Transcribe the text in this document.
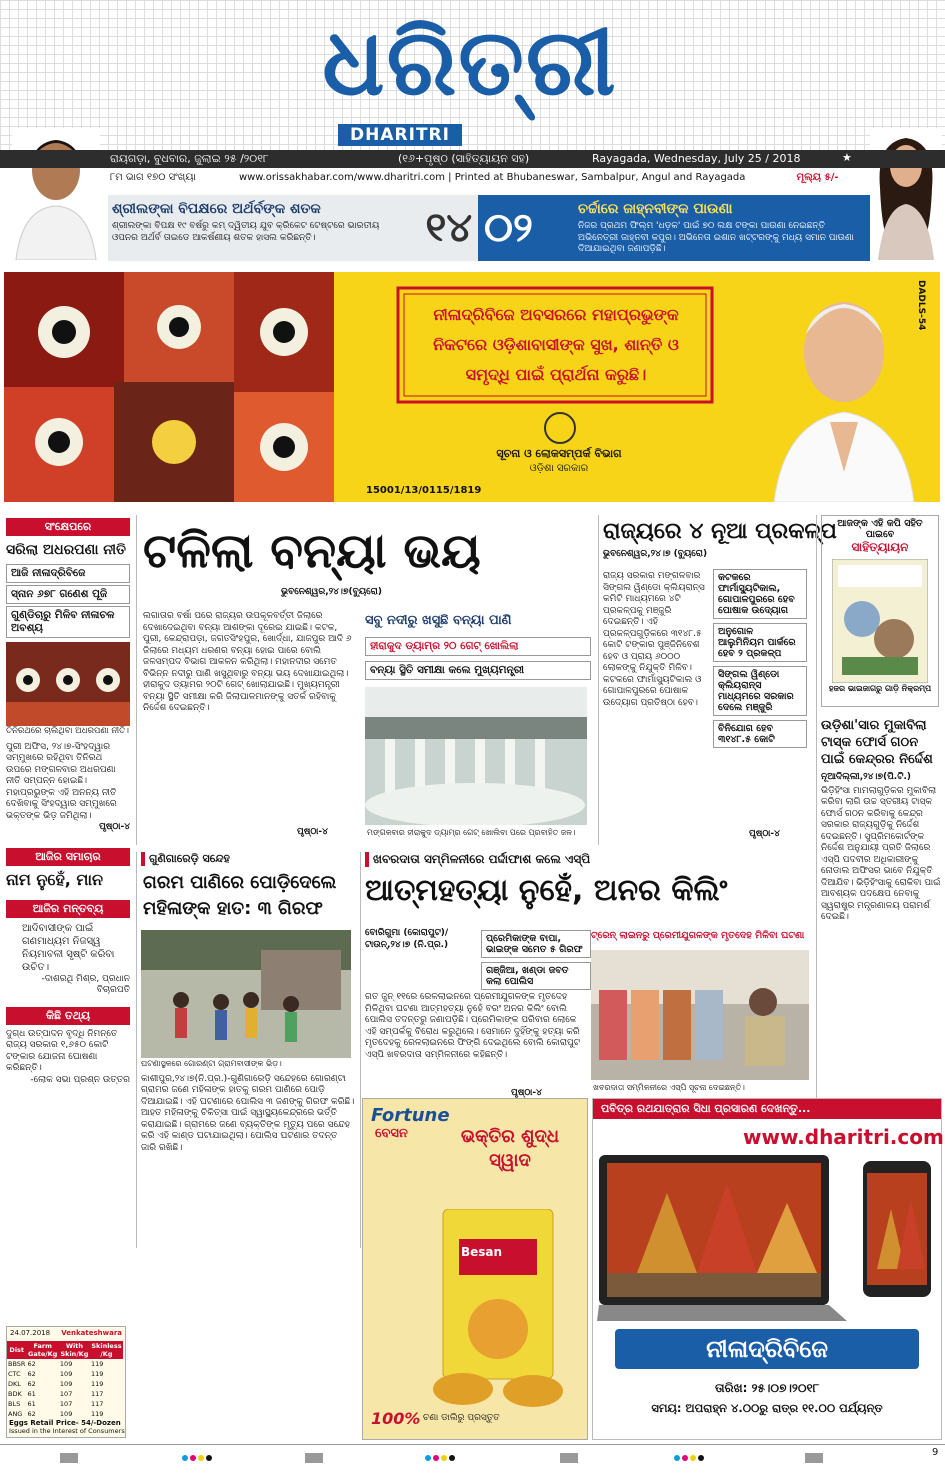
ଧରିତ୍ରୀ
DHARITRI
ରାୟଗଡ଼ା, ବୁଧବାର, ଜୁଲାଇ ୨୫ /୨୦୧୮	(୧୬+ପୃଷ୍ଠ (ସାହିତ୍ୟାୟନ ସହ)	Rayagada, Wednesday, July 25 / 2018	★
୮ମ ଭାଗ ୧୭୦ ସଂଖ୍ୟା	www.orissakhabar.com/www.dharitri.com | Printed at Bhubaneswar, Sambalpur, Angul and Rayagada	ମୂଲ୍ୟ ୫/-
ଶ୍ରୀଲଙ୍କା ବିପକ୍ଷରେ ଅର୍ଥର୍ବଙ୍କ ଶତକ
ଶ୍ରୀଲଙ୍କା ବିପକ୍ଷ ୧୯ ବର୍ଷରୁ କମ୍ ଦ୍ୱିତୀୟ ଯୁବ କ୍ରିକେଟ ଟେଷ୍ଟରେ ଭାରତୀୟ ଓପନର ଅର୍ଥର୍ବ ତାଇଡେ ଆକର୍ଷଣୀୟ ଶତକ ହାସଲ କରିଛନ୍ତି।	୧୪ ୦୨	ଚର୍ଚ୍ଚାରେ ଜାହ୍ନବୀଙ୍କ ପାଉଣା
ନିଜର ପ୍ରଥମ ଫିଲ୍ମ 'ଧଡ଼କ' ପାଇଁ ୭୦ ଲକ୍ଷ ଟଙ୍କା ପାଉଣା ନେଇଛନ୍ତି ଅଭିନେତ୍ରୀ ଜାହ୍ନବୀ କପୁର। ଅଭିନେତା ଇଶାନ ଖଟ୍ଟରଙ୍କୁ ମଧ୍ୟ ସମାନ ପାଉଣା ଦିଆଯାଇଥିବା ଜଣାପଡ଼ିଛି।
ନୀଳାଦ୍ରିବିଜେ ଅବସରରେ ମହାପ୍ରଭୁଙ୍କ ନିକଟରେ ଓଡ଼ିଶାବାସୀଙ୍କ ସୁଖ, ଶାନ୍ତି ଓ ସମୃଦ୍ଧି ପାଇଁ ପ୍ରାର୍ଥନା କରୁଛି।
ସୂଚନା ଓ ଲୋକସମ୍ପର୍କ ବିଭାଗ
ଓଡ଼ିଶା ସରକାର
15001/13/0115/1819
DADLS-54
ସଂକ୍ଷେପରେ
ସରିଲା ଅଧରପଣା ନୀତି
ଆଜି ନୀଳାଦ୍ରିବିଜେ
ସ୍ନାନ ୬୭୮ ଗଣେଶ ପୂଜି
ଗୁଣ୍ଡିଚାରୁ ମିଳିବ ନୀଳାଚଳ ଅବଶ୍ୟ
ତିନିରଥରେ ଚାଲିଥିବା ଅଧରପଣା ନୀତି।
ପୁରୀ ଅଫିସ, ୨୪।୭-ସିଂହଦ୍ୱାର ସମ୍ମୁଖରେ ରହିଥିବା ତିନିରଥ ଉପରେ ମଙ୍ଗଳବାର ଅଧରପଣା ନୀତି ସମ୍ପନ୍ନ ହୋଇଛି। ମହାପ୍ରଭୁଙ୍କ ଏହି ଅନନ୍ୟ ନୀତି ଦେଖିବାକୁ ସିଂହଦ୍ୱାର ସମ୍ମୁଖରେ ଭକ୍ତଙ୍କ ଭିଡ଼ ଜମିଥିଲା।
ପୃଷ୍ଠା-୪
ଆଜିର ସମାଚାର
ନାମ ନୁହେଁ, ମାନ
ଆଜିର ମନ୍ତବ୍ୟ
ଆଦିବାସୀଙ୍କ ପାଇଁ ଗଣମାଧ୍ୟମ ନିଜସ୍ୱ ନିୟମାବଳୀ ସୃଷ୍ଟି କରିବା ଉଚିତ।
-ଦାଶରଥି ମିଶ୍ର, ପ୍ରଧାନ ବିଚାରପତି
କିଛି ତଥ୍ୟ
ଦୁଗ୍ଧ ଉତ୍ପାଦନ ବୃଦ୍ଧି ନିମନ୍ତେ ରାଜ୍ୟ ସରକାର ୧,୬୫୦ କୋଟି ଟଙ୍କାର ଯୋଜନା ଘୋଷଣା କରିଛନ୍ତି।
-ଲୋକ ସଭା ପ୍ରଶ୍ନ ଉତ୍ତର
24.07.2018 Venkateshwara
Dist	Farm Gate/Kg	With Skin/Kg	Skinless /Kg
BBSR	62	109	119
CTC	62	109	119
DKL	62	109	119
BDK	61	107	117
BLS	61	107	117
ANG	62	109	119
Eggs Retail Price- 54/-Dozen
Issued in the Interest of Consumers
ଟଳିଲା ବନ୍ୟା ଭୟ
ଭୁବନେଶ୍ୱର,୨୪।୭(ବ୍ୟୁରୋ)
ଲଗାତାର ବର୍ଷା ପରେ ରାଜ୍ୟର ଉପକୂଳବର୍ତ୍ତୀ ଜିଲାରେ ଦେଖାଦେଇଥିବା ବନ୍ୟା ଆଶଙ୍କା ଦୂରେଇ ଯାଇଛି। କଟକ, ପୁରୀ, କେନ୍ଦ୍ରାପଡ଼ା, ଜଗତସିଂହପୁର, ଖୋର୍ଦ୍ଧା, ଯାଜପୁର ଆଦି ୬ ଜିଲାରେ ମଧ୍ୟମ ଧରଣର ବନ୍ୟା ହୋଇ ପାରେ ବୋଲି ଜଳସମ୍ପଦ ବିଭାଗ ଆକଳନ କରିଥିଲା। ମହାନଦୀର ସମେତ ବିଭିନ୍ନ ନଦୀରୁ ପାଣି ଖସୁଥିବାରୁ ବନ୍ୟା ଭୟ ଦେଖାଯାଇଥିଲା। ହୀରାକୁଦ ଡ୍ୟାମର ୨୦ଟି ଗେଟ୍ ଖୋଲାଯାଇଛି। ମୁଖ୍ୟମନ୍ତ୍ରୀ ବନ୍ୟା ସ୍ଥିତି ସମୀକ୍ଷା କରି ଜିଲାପାଳମାନଙ୍କୁ ସତର୍କ ରହିବାକୁ ନିର୍ଦ୍ଦେଶ ଦେଇଛନ୍ତି।
ପୃଷ୍ଠା-୪
ସବୁ ନଦୀରୁ ଖସୁଛି ବନ୍ୟା ପାଣି
ହୀରାକୁଦ ଡ୍ୟାମ୍‌ର ୨୦ ଗେଟ୍ ଖୋଲିଲା
ବନ୍ୟା ସ୍ଥିତି ସମୀକ୍ଷା କଲେ ମୁଖ୍ୟମନ୍ତ୍ରୀ
ମଙ୍ଗଳବାର ହୀରାକୁଦ ଡ୍ୟାମ୍‌ର ଗେଟ୍ ଖୋଲିବା ପରେ ପ୍ରବାହିତ ଜଳ।
ରାଜ୍ୟରେ ୪ ନୂଆ ପ୍ରକଳ୍ପ
ଭୁବନେଶ୍ୱର,୨୪।୭ (ବ୍ୟୁରୋ)
ରାଜ୍ୟ ସରକାର ମଙ୍ଗଳବାର ସିଙ୍ଗଲ ୱିଣ୍ଡୋ କ୍ଲିୟରାନ୍ସ କମିଟି ମାଧ୍ୟମରେ ୪ଟି ପ୍ରକଳ୍ପକୁ ମଞ୍ଜୁରି ଦେଇଛନ୍ତି। ଏହି ପ୍ରକଳ୍ପଗୁଡ଼ିକରେ ୩୧୪୮.୫ କୋଟି ଟଙ୍କାର ପୁଞ୍ଜିନିବେଶ ହେବ ଓ ପ୍ରାୟ ୬୦୦୦ ଲୋକଙ୍କୁ ନିଯୁକ୍ତି ମିଳିବ। କଟକରେ ଫାର୍ମାସ୍ୟୁଟିକାଲ ଓ ଗୋପାଳପୁରରେ ପୋଷାକ ଉଦ୍ୟୋଗ ପ୍ରତିଷ୍ଠା ହେବ।
ପୃଷ୍ଠା-୪
କଟକରେ ଫାର୍ମାସ୍ୟୁଟିକାଲ, ଗୋପାଳପୁରରେ ହେବ ପୋଷାକ ଉଦ୍ୟୋଗ
ଅନୁଗୋଳ ଆଲୁମିନିୟମ ପାର୍କରେ ହେବ ୨ ପ୍ରକଳ୍ପ
ସିଙ୍ଗଲ ୱିଣ୍ଡୋ କ୍ଲିୟରାନ୍ସ ମାଧ୍ୟମରେ ସରକାର ଦେଲେ ମଞ୍ଜୁରି
ବିନିଯୋଗ ହେବ ୩୧୪୮.୫ କୋଟି
ଆଜଙ୍କ ଏହି କପି ସହିତ ପାଇବେ
ସାହିତ୍ୟାୟନ
ହଜର ଭାଇଜାଗରୁ ଗାଡ଼ି ନିକ୍ରମ୍ପ
ଉଡ଼ିଶା'ସାର ମୁକାବିଲା ଟାସ୍କ ଫୋର୍ସ ଗଠନ ପାଇଁ କେନ୍ଦ୍ରର ନିର୍ଦ୍ଦେଶ
ନୂଆଦିଲ୍ଲୀ,୨୪।୭(ପି.ଟି.)
ଭିଡ଼ିହିଂସା ମାମଲାଗୁଡ଼ିକର ମୁକାବିଲା କରିବା ଲାଗି ଉଚ୍ଚ ସ୍ତରୀୟ ଟାସ୍କ ଫୋର୍ସ ଗଠନ କରିବାକୁ କେନ୍ଦ୍ର ସରକାର ରାଜ୍ୟଗୁଡ଼ିକୁ ନିର୍ଦ୍ଦେଶ ଦେଇଛନ୍ତି। ସୁପ୍ରିମକୋର୍ଟଙ୍କ ନିର୍ଦ୍ଦେଶ ଅନୁଯାୟୀ ପ୍ରତି ଜିଲାରେ ଏସ୍‌ପି ପଦବୀର ଅଧିକାରୀଙ୍କୁ ନୋଡାଲ ଅଫିସର ଭାବେ ନିଯୁକ୍ତି ଦିଆଯିବ। ଭିଡ଼ିହିଂସାକୁ ରୋକିବା ପାଇଁ ଆବଶ୍ୟକ ପଦକ୍ଷେପ ନେବାକୁ ସ୍ୱରାଷ୍ଟ୍ର ମନ୍ତ୍ରଣାଳୟ ପରାମର୍ଶ ଦେଇଛି।
ଗୁଣିଗାରେଡ଼ି ସନ୍ଦେହ
ଗରମ ପାଣିରେ ପୋଡ଼ିଦେଲେ ମହିଳାଙ୍କ ହାତ: ୩ ଗିରଫ
ଘଟଣାସ୍ଥଳରେ ଗୋରଣ୍ଟା ଗ୍ରାମବାସୀଙ୍କ ଭିଡ଼।
କାଶୀପୁର,୨୪।୭(ନି.ପ୍ର.)-ଗୁଣିଗାରେଡ଼ି ସନ୍ଦେହରେ ଗୋରଣ୍ଟା ଗ୍ରାମର ଜଣେ ମହିଳାଙ୍କ ହାତକୁ ଗରମ ପାଣିରେ ପୋଡ଼ି ଦିଆଯାଇଛି। ଏହି ଘଟଣାରେ ପୋଲିସ ୩ ଜଣଙ୍କୁ ଗିରଫ କରିଛି। ଆହତ ମହିଳାଙ୍କୁ ଚିକିତ୍ସା ପାଇଁ ସ୍ୱାସ୍ଥ୍ୟକେନ୍ଦ୍ରରେ ଭର୍ତ୍ତି କରାଯାଇଛି। ଗ୍ରାମରେ ଜଣେ ବ୍ୟକ୍ତିଙ୍କ ମୃତ୍ୟୁ ପରେ ସନ୍ଦେହ କରି ଏହି କାଣ୍ଡ ଘଟାଯାଇଥିଲା। ପୋଲିସ ଘଟଣାର ତଦନ୍ତ ଜାରି ରଖିଛି।
ଖବରଦାତା ସମ୍ମିଳନୀରେ ପର୍ଦ୍ଦାଫାଶ କଲେ ଏସ୍‌ପି
ଆତ୍ମହତ୍ୟା ନୁହେଁ, ଅନର କିଲିଂ
ବୋରିଗୁମା (କୋରାପୁଟ)/ ଟାଉନ୍,୨୪।୭ (ନି.ପ୍ର.)
ପ୍ରେମିକାଙ୍କ ବାପା, ଭାଇଙ୍କ ସମେତ ୫ ଗିରଫ
ଗଞ୍ଜିଆ, ଖଣ୍ଡା ଜବତ କଲା ପୋଲିସ
ଟ୍ରେନ୍ ଲାଇନରୁ ପ୍ରେମୀଯୁଗଳଙ୍କ ମୃତଦେହ ମିଳିବା ଘଟଣା
ଖବରଦାତା ସମ୍ମିଳନୀରେ ଏସ୍‌ପି ସୂଚନା ଦେଇଛନ୍ତି।
ଗତ ଜୁନ୍ ୧୧ରେ ରେଳଲାଇନରେ ପ୍ରେମୀଯୁଗଳଙ୍କ ମୃତଦେହ ମିଳିଥିବା ଘଟଣା ଆତ୍ମହତ୍ୟା ନୁହେଁ ବରଂ ଅନର କିଲିଂ ବୋଲି ପୋଲିସ ତଦନ୍ତରୁ ଜଣାପଡ଼ିଛି। ପ୍ରେମିକାଙ୍କ ପରିବାର ଲୋକେ ଏହି ସମ୍ପର୍କକୁ ବିରୋଧ କରୁଥିଲେ। ସେମାନେ ଦୁହିଁଙ୍କୁ ହତ୍ୟା କରି ମୃତଦେହକୁ ରେଳଲାଇନରେ ଫିଙ୍ଗି ଦେଇଥିଲେ ବୋଲି କୋରାପୁଟ ଏସ୍‌ପି ଖବରଦାତା ସମ୍ମିଳନୀରେ କହିଛନ୍ତି।
ପୃଷ୍ଠା-୪
Fortune
ବେସନ	ଭକ୍ତିର ଶୁଦ୍ଧ ସ୍ୱାଦ
Besan
100% ଚଣା ଡାଲିରୁ ପ୍ରସ୍ତୁତ
ପବିତ୍ର ରଥଯାତ୍ରାର ସିଧା ପ୍ରସାରଣ ଦେଖନ୍ତୁ...
www.dharitri.com
ନୀଳାଦ୍ରିବିଜେ
ତାରିଖ: ୨୫।୦୭।୨୦୧୮
ସମୟ: ଅପରାହ୍ନ ୪.୦୦ରୁ ରାତ୍ର ୧୧.୦୦ ପର୍ଯ୍ୟନ୍ତ
9
